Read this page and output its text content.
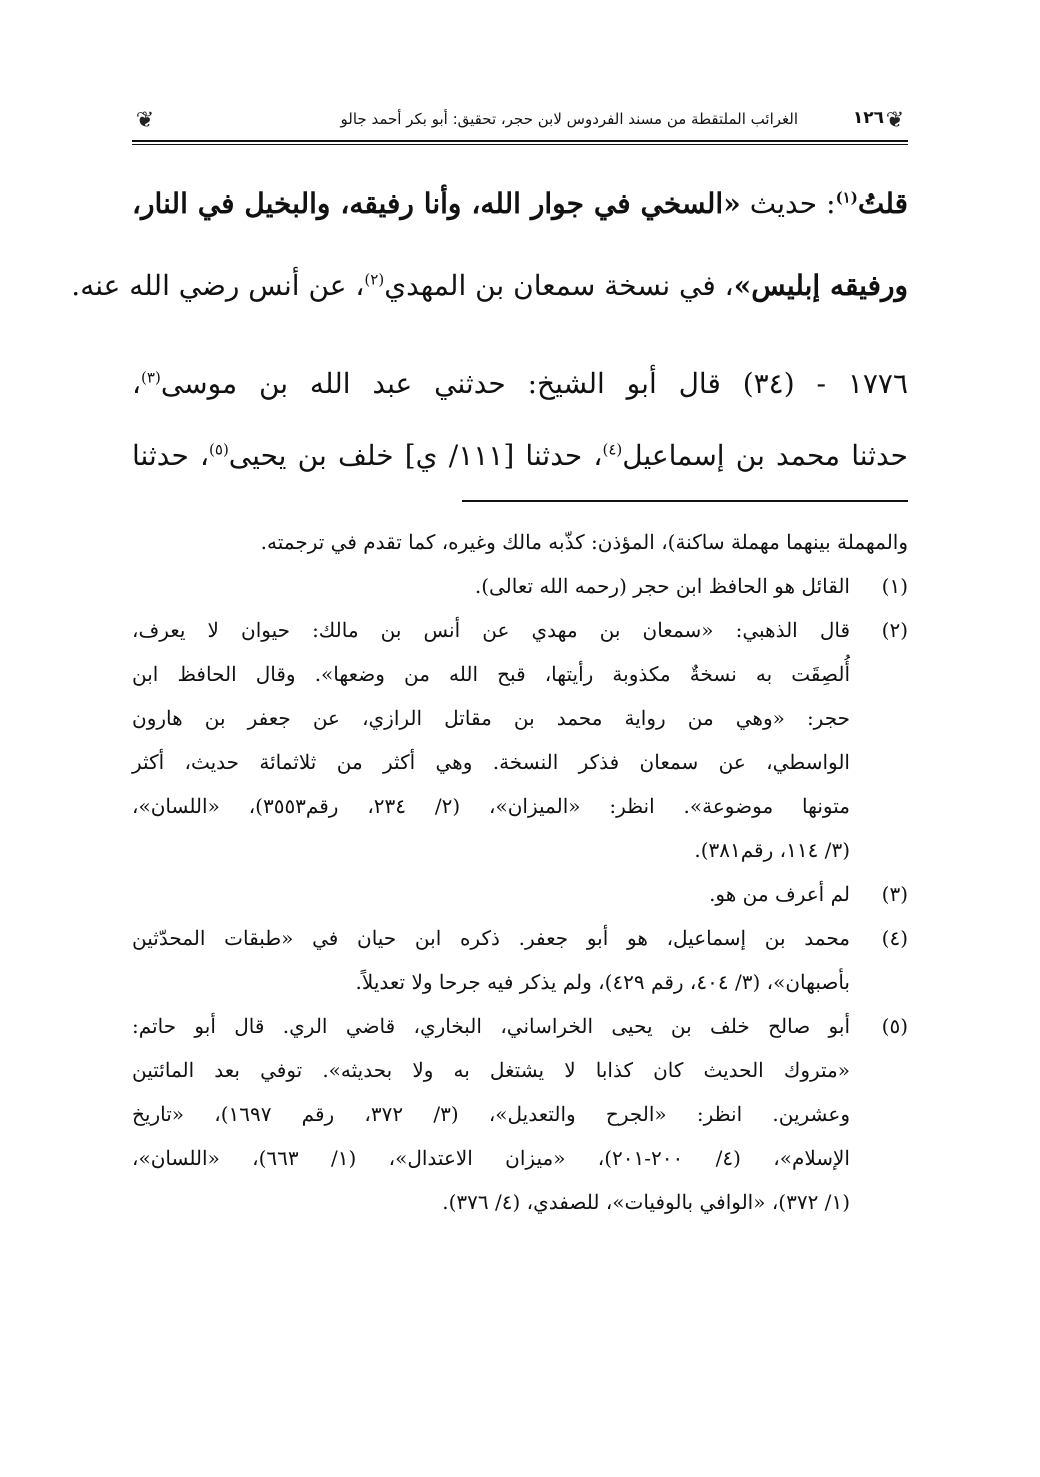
❦
١٢٦
الغرائب الملتقطة من مسند الفردوس لابن حجر، تحقيق: أبو بكر أحمد جالو
❦
قلتُ$^{(١)}$: حديث «السخي في جوار الله، وأنا رفيقه، والبخيل في النار،
ورفيقه إبليس»، في نسخة سمعان بن المهدي$^{(٢)}$، عن أنس رضي الله عنه.
١٧٧٦ - (٣٤) قال أبو الشيخ: حدثني عبد الله بن موسى$^{(٣)}$،
حدثنا محمد بن إسماعيل$^{(٤)}$، حدثنا [١١١/ ي] خلف بن يحيى$^{(٥)}$، حدثنا
والمهملة بينهما مهملة ساكنة)، المؤذن: كذّبه مالك وغيره، كما تقدم في ترجمته.
(١)
القائل هو الحافظ ابن حجر (رحمه الله تعالى).
(٢)
قال الذهبي: «سمعان بن مهدي عن أنس بن مالك: حيوان لا يعرف،
أُلصِقَت به نسخةٌ مكذوبة رأيتها، قبح الله من وضعها». وقال الحافظ ابن
حجر: «وهي من رواية محمد بن مقاتل الرازي، عن جعفر بن هارون
الواسطي، عن سمعان فذكر النسخة. وهي أكثر من ثلاثمائة حديث، أكثر
متونها موضوعة». انظر: «الميزان»، (٢/ ٢٣٤، رقم٣٥٥٣)، «اللسان»،
(٣/ ١١٤، رقم٣٨١).
(٣)
لم أعرف من هو.
(٤)
محمد بن إسماعيل، هو أبو جعفر. ذكره ابن حيان في «طبقات المحدّثين
بأصبهان»، (٣/ ٤٠٤، رقم ٤٢٩)، ولم يذكر فيه جرحا ولا تعديلاً.
(٥)
أبو صالح خلف بن يحيى الخراساني، البخاري، قاضي الري. قال أبو حاتم:
«متروك الحديث كان كذابا لا يشتغل به ولا بحديثه». توفي بعد المائتين
وعشرين. انظر: «الجرح والتعديل»، (٣/ ٣٧٢، رقم ١٦٩٧)، «تاريخ
الإسلام»، (٤/ ٢٠٠-٢٠١)، «ميزان الاعتدال»، (١/ ٦٦٣)، «اللسان»،
(١/ ٣٧٢)، «الوافي بالوفيات»، للصفدي، (٤/ ٣٧٦).
